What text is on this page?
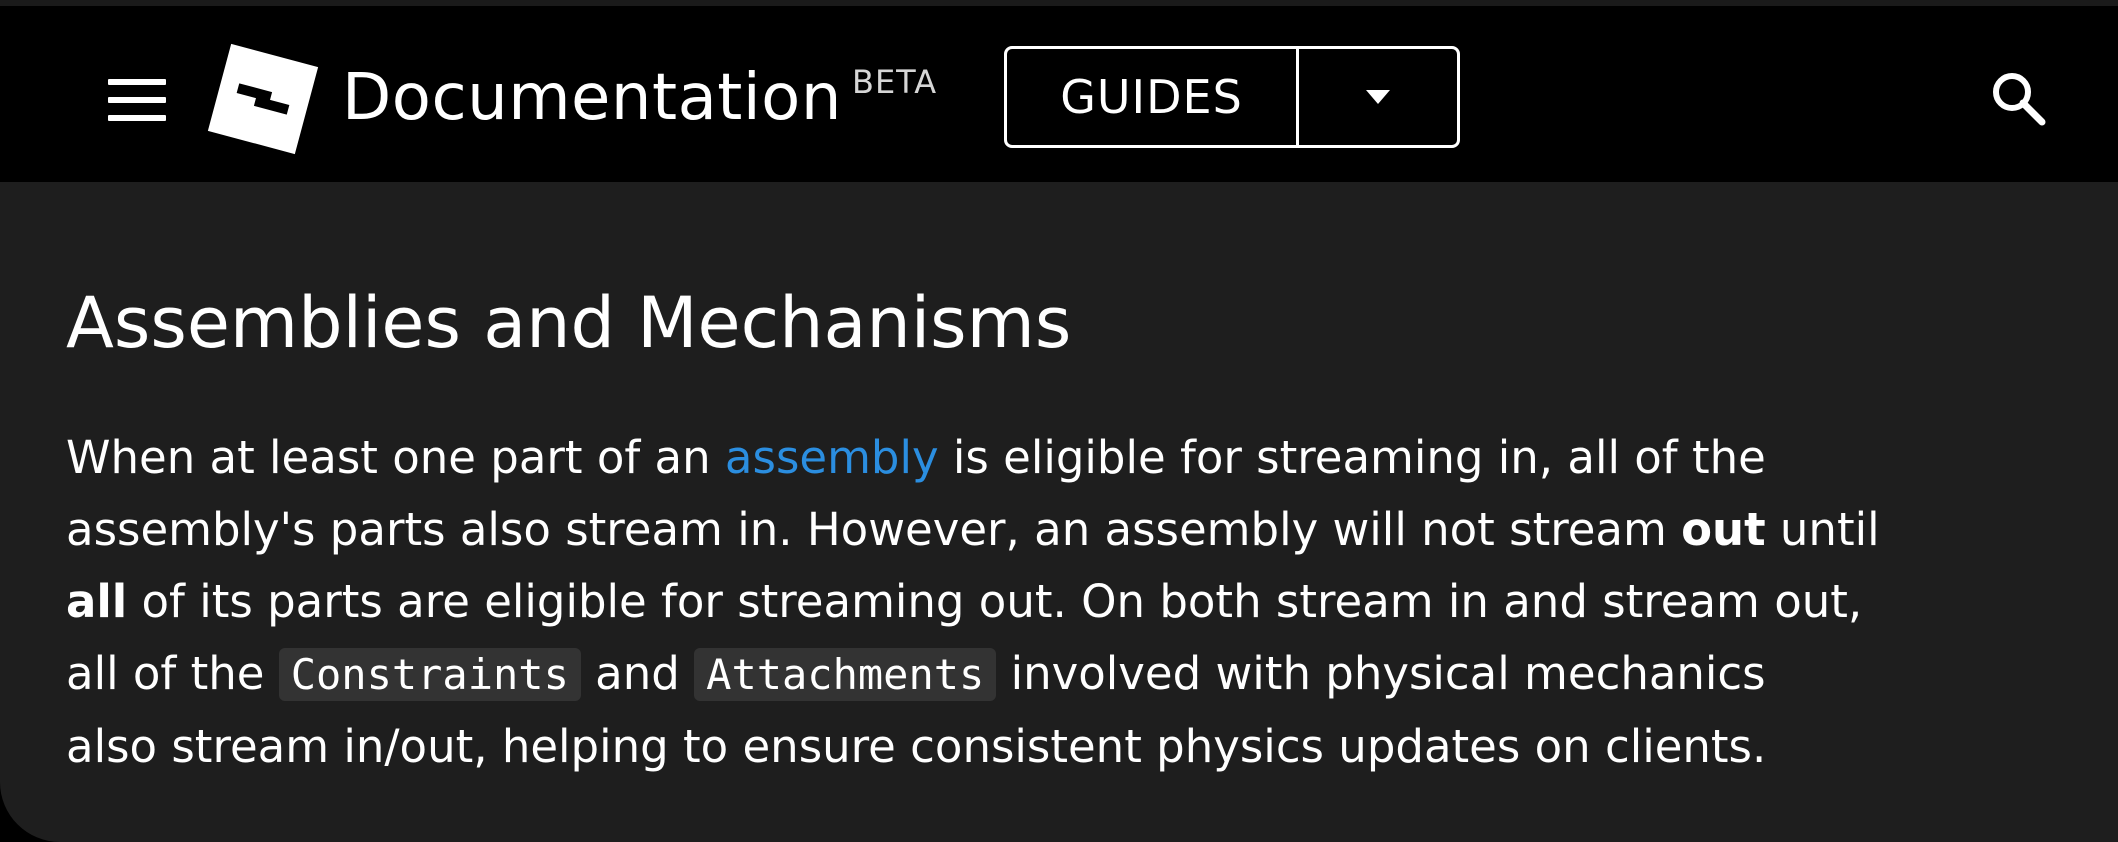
Documentation BETA	GUIDES
Assemblies and Mechanisms

When at least one part of an assembly is eligible for streaming in, all of the
assembly's parts also stream in. However, an assembly will not stream out until
all of its parts are eligible for streaming out. On both stream in and stream out,
all of the Constraints and Attachments involved with physical mechanics
also stream in/out, helping to ensure consistent physics updates on clients.
